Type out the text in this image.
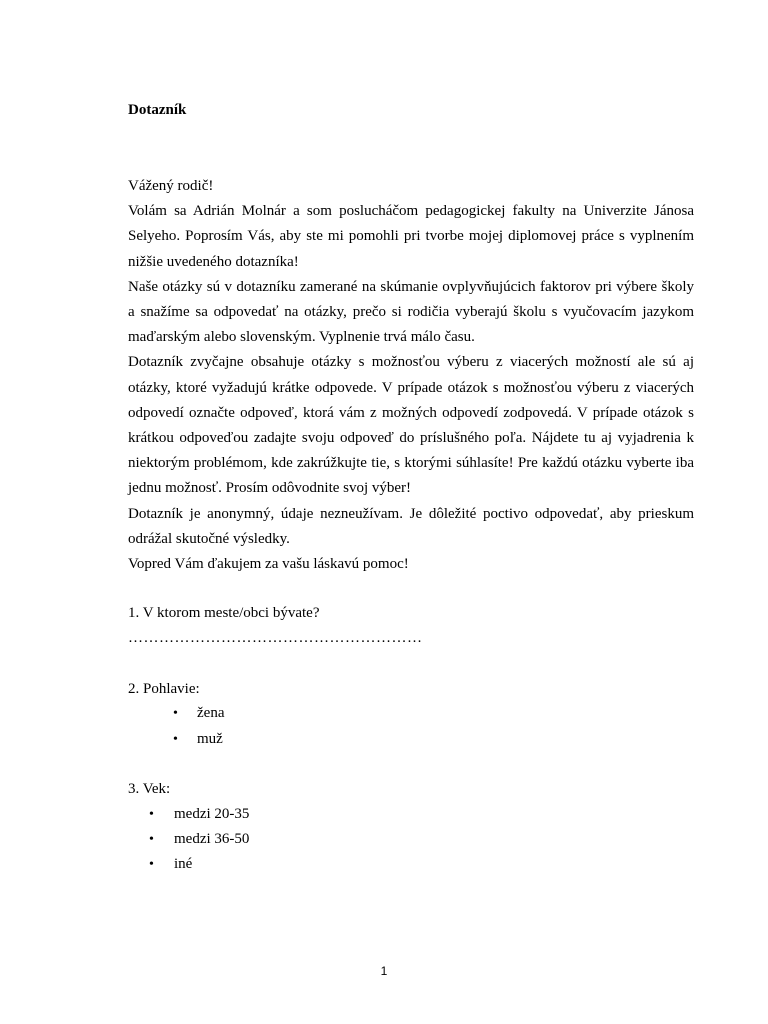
Dotazník

Vážený rodič!

Volám sa Adrián Molnár a som poslucháčom pedagogickej fakulty na Univerzite Jánosa Selyeho. Poprosím Vás, aby ste mi pomohli pri tvorbe mojej diplomovej práce s vyplnením nižšie uvedeného dotazníka!

Naše otázky sú v dotazníku zamerané na skúmanie ovplyvňujúcich faktorov pri výbere školy a snažíme sa odpovedať na otázky, prečo si rodičia vyberajú školu s vyučovacím jazykom maďarským alebo slovenským. Vyplnenie trvá málo času.

Dotazník zvyčajne obsahuje otázky s možnosťou výberu z viacerých možností ale sú aj otázky, ktoré vyžadujú krátke odpovede. V prípade otázok s možnosťou výberu z viacerých odpovedí označte odpoveď, ktorá vám z možných odpovedí zodpovedá. V prípade otázok s krátkou odpoveďou zadajte svoju odpoveď do príslušného poľa. Nájdete tu aj vyjadrenia k niektorým problémom, kde zakrúžkujte tie, s ktorými súhlasíte! Pre každú otázku vyberte iba jednu možnosť. Prosím odôvodnite svoj výber!

Dotazník je anonymný, údaje nezneužívam. Je dôležité poctivo odpovedať, aby prieskum odrážal skutočné výsledky.

Vopred Vám ďakujem za vašu láskavú pomoc!

1. V ktorom meste/obci bývate?
…………………………………………………
2. Pohlavie:
• žena
• muž
3. Vek:
• medzi 20-35
• medzi 36-50
• iné
1
